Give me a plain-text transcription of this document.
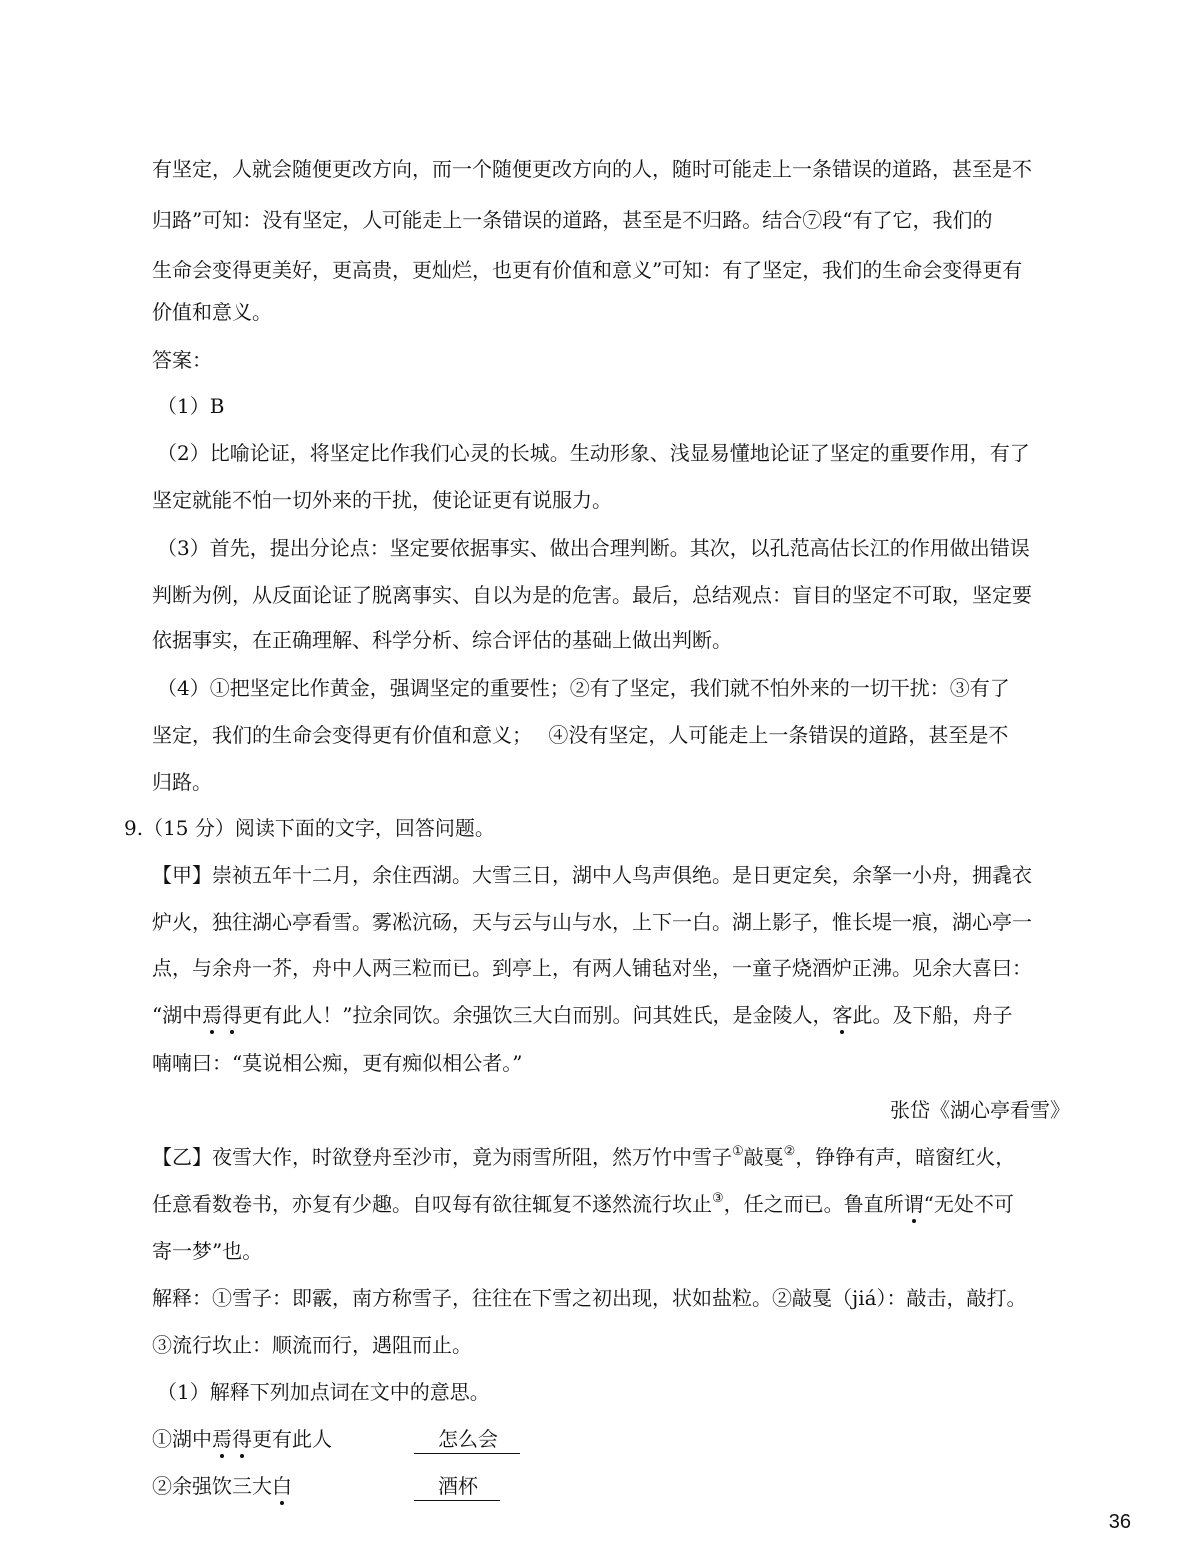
有坚定，人就会随便更改方向，而一个随便更改方向的人，随时可能走上一条错误的道路，甚至是不
归路”可知：没有坚定，人可能走上一条错误的道路，甚至是不归路。结合⑦段“有了它，我们的
生命会变得更美好，更高贵，更灿烂，也更有价值和意义”可知：有了坚定，我们的生命会变得更有
价值和意义。
答案：
（1）B
（2）比喻论证，将坚定比作我们心灵的长城。生动形象、浅显易懂地论证了坚定的重要作用，有了
坚定就能不怕一切外来的干扰，使论证更有说服力。
（3）首先，提出分论点：坚定要依据事实、做出合理判断。其次，以孔范高估长江的作用做出错误
判断为例，从反面论证了脱离事实、自以为是的危害。最后，总结观点：盲目的坚定不可取，坚定要
依据事实，在正确理解、科学分析、综合评估的基础上做出判断。
（4）①把坚定比作黄金，强调坚定的重要性；②有了坚定，我们就不怕外来的一切干扰：③有了
坚定，我们的生命会变得更有价值和意义；　 ④没有坚定，人可能走上一条错误的道路，甚至是不
归路。
9.（15 分）阅读下面的文字，回答问题。
【甲】崇祯五年十二月，余住西湖。大雪三日，湖中人鸟声俱绝。是日更定矣，余拏一小舟，拥毳衣
炉火，独往湖心亭看雪。雾凇沆砀，天与云与山与水，上下一白。湖上影子，惟长堤一痕，湖心亭一
点，与余舟一芥，舟中人两三粒而已。到亭上，有两人铺毡对坐，一童子烧酒炉正沸。见余大喜曰：
“湖中焉得更有此人！”拉余同饮。余强饮三大白而别。问其姓氏，是金陵人，客此。及下船，舟子
喃喃曰：“莫说相公痴，更有痴似相公者。”
张岱《湖心亭看雪》
【乙】夜雪大作，时欲登舟至沙市，竟为雨雪所阻，然万竹中雪子①敲戛②，铮铮有声，暗窗红火，
任意看数卷书，亦复有少趣。自叹每有欲往辄复不遂然流行坎止③，任之而已。鲁直所谓“无处不可
寄一梦”也。
解释：①雪子：即霰，南方称雪子，往往在下雪之初出现，状如盐粒。②敲戛（jiá）：敲击，敲打。
③流行坎止：顺流而行，遇阻而止。
（1）解释下列加点词在文中的意思。
①湖中焉得更有此人	怎么会
②余强饮三大白	酒杯
36
